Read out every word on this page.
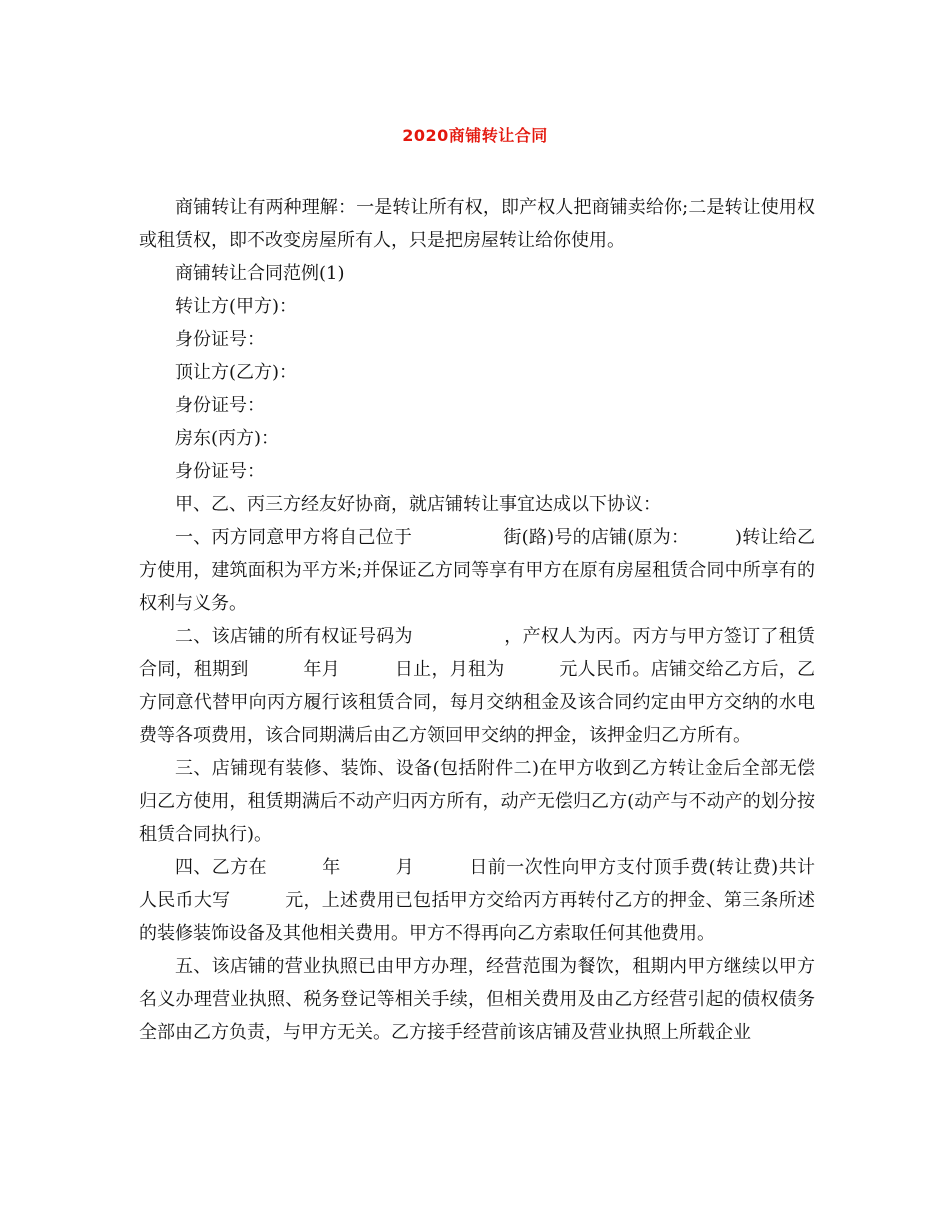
2020商铺转让合同

商铺转让有两种理解：一是转让所有权，即产权人把商铺卖给你;二是转让使用权或租赁权，即不改变房屋所有人，只是把房屋转让给你使用。

商铺转让合同范例(1)

转让方(甲方)：

身份证号：

顶让方(乙方)：

身份证号：

房东(丙方)：

身份证号：

甲、乙、丙三方经友好协商，就店铺转让事宜达成以下协议：

一、丙方同意甲方将自己位于　　　　　街(路)号的店铺(原为：　　　)转让给乙方使用，建筑面积为平方米;并保证乙方同等享有甲方在原有房屋租赁合同中所享有的权利与义务。

二、该店铺的所有权证号码为　　　　　，产权人为丙。丙方与甲方签订了租赁合同，租期到　　　年月　　　日止，月租为　　　元人民币。店铺交给乙方后，乙方同意代替甲向丙方履行该租赁合同，每月交纳租金及该合同约定由甲方交纳的水电费等各项费用，该合同期满后由乙方领回甲交纳的押金，该押金归乙方所有。

三、店铺现有装修、装饰、设备(包括附件二)在甲方收到乙方转让金后全部无偿归乙方使用，租赁期满后不动产归丙方所有，动产无偿归乙方(动产与不动产的划分按租赁合同执行)。

四、乙方在　　　年　　　月　　　日前一次性向甲方支付顶手费(转让费)共计人民币大写　　　元，上述费用已包括甲方交给丙方再转付乙方的押金、第三条所述的装修装饰设备及其他相关费用。甲方不得再向乙方索取任何其他费用。

五、该店铺的营业执照已由甲方办理，经营范围为餐饮，租期内甲方继续以甲方名义办理营业执照、税务登记等相关手续，但相关费用及由乙方经营引起的债权债务全部由乙方负责，与甲方无关。乙方接手经营前该店铺及营业执照上所载企业
